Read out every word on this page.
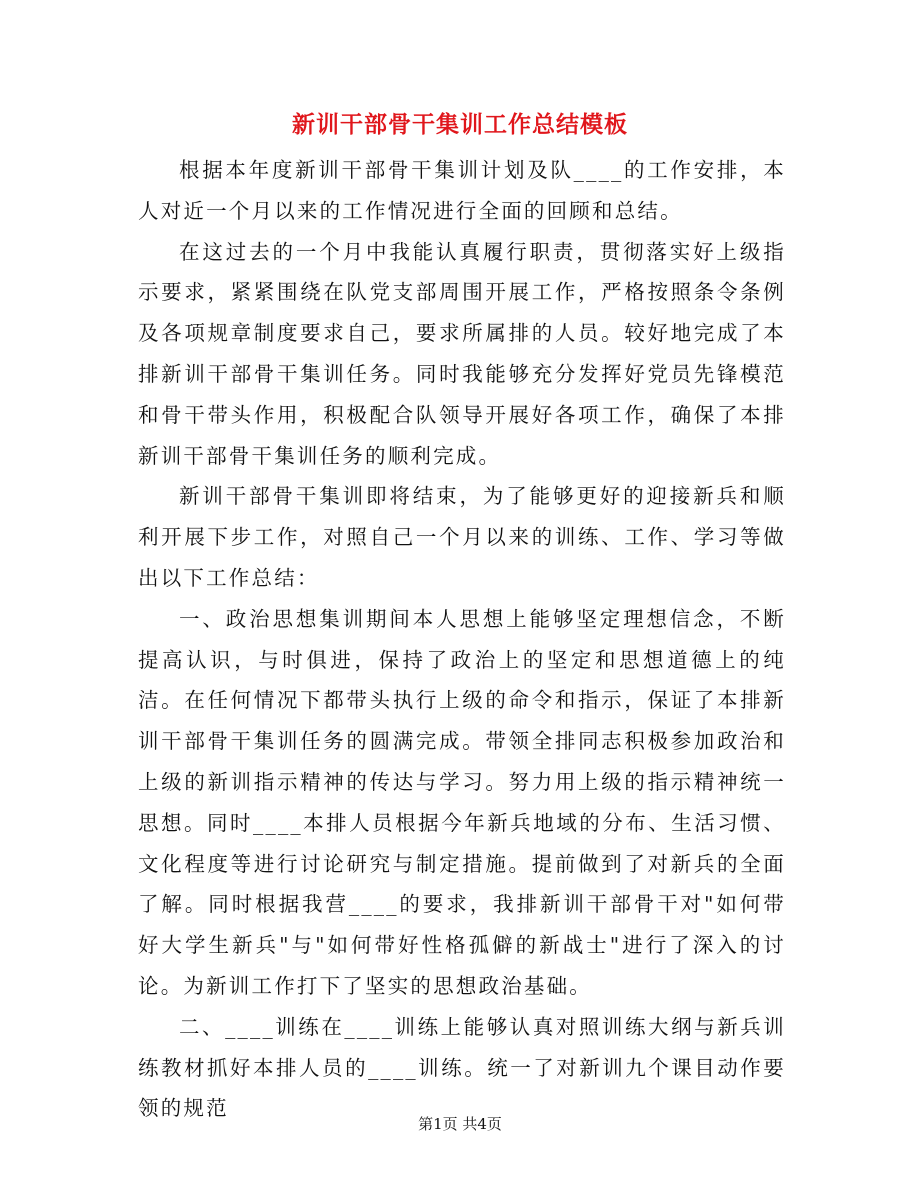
新训干部骨干集训工作总结模板

根据本年度新训干部骨干集训计划及队____的工作安排，本人对近一个月以来的工作情况进行全面的回顾和总结。

在这过去的一个月中我能认真履行职责，贯彻落实好上级指示要求，紧紧围绕在队党支部周围开展工作，严格按照条令条例及各项规章制度要求自己，要求所属排的人员。较好地完成了本排新训干部骨干集训任务。同时我能够充分发挥好党员先锋模范和骨干带头作用，积极配合队领导开展好各项工作，确保了本排新训干部骨干集训任务的顺利完成。

新训干部骨干集训即将结束，为了能够更好的迎接新兵和顺利开展下步工作，对照自己一个月以来的训练、工作、学习等做出以下工作总结：

一、政治思想集训期间本人思想上能够坚定理想信念，不断提高认识，与时俱进，保持了政治上的坚定和思想道德上的纯洁。在任何情况下都带头执行上级的命令和指示，保证了本排新训干部骨干集训任务的圆满完成。带领全排同志积极参加政治和上级的新训指示精神的传达与学习。努力用上级的指示精神统一思想。同时____本排人员根据今年新兵地域的分布、生活习惯、文化程度等进行讨论研究与制定措施。提前做到了对新兵的全面了解。同时根据我营____的要求，我排新训干部骨干对"如何带好大学生新兵"与"如何带好性格孤僻的新战士"进行了深入的讨论。为新训工作打下了坚实的思想政治基础。

二、____训练在____训练上能够认真对照训练大纲与新兵训练教材抓好本排人员的____训练。统一了对新训九个课目动作要领的规范

第1页 共4页
